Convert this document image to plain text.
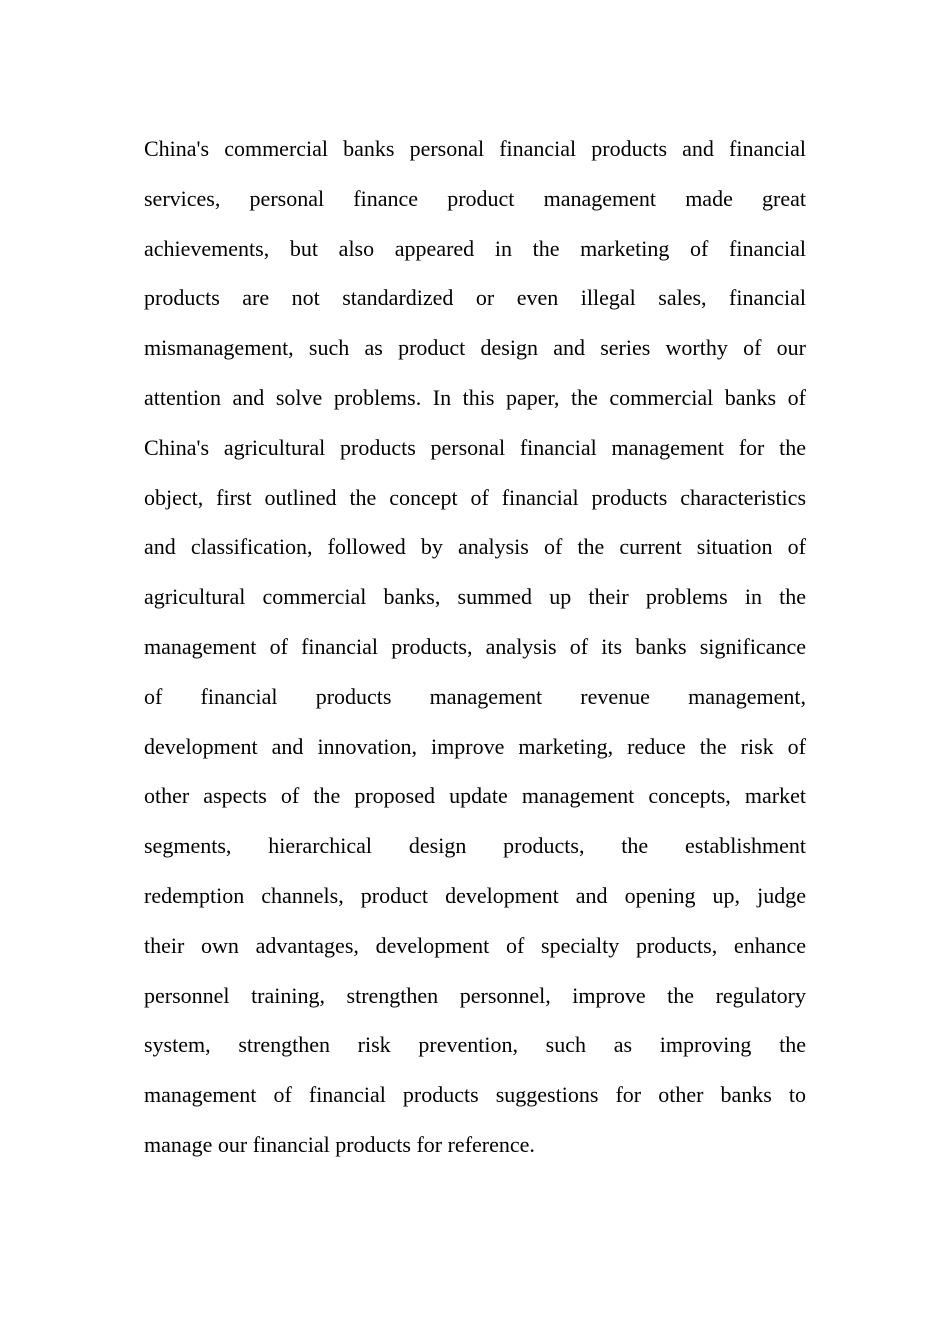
China's commercial banks personal financial products and financial
services, personal finance product management made great
achievements, but also appeared in the marketing of financial
products are not standardized or even illegal sales, financial
mismanagement, such as product design and series worthy of our
attention and solve problems. In this paper, the commercial banks of
China's agricultural products personal financial management for the
object, first outlined the concept of financial products characteristics
and classification, followed by analysis of the current situation of
agricultural commercial banks, summed up their problems in the
management of financial products, analysis of its banks significance
of financial products management revenue management,
development and innovation, improve marketing, reduce the risk of
other aspects of the proposed update management concepts, market
segments, hierarchical design products, the establishment
redemption channels, product development and opening up, judge
their own advantages, development of specialty products, enhance
personnel training, strengthen personnel, improve the regulatory
system, strengthen risk prevention, such as improving the
management of financial products suggestions for other banks to
manage our financial products for reference.
